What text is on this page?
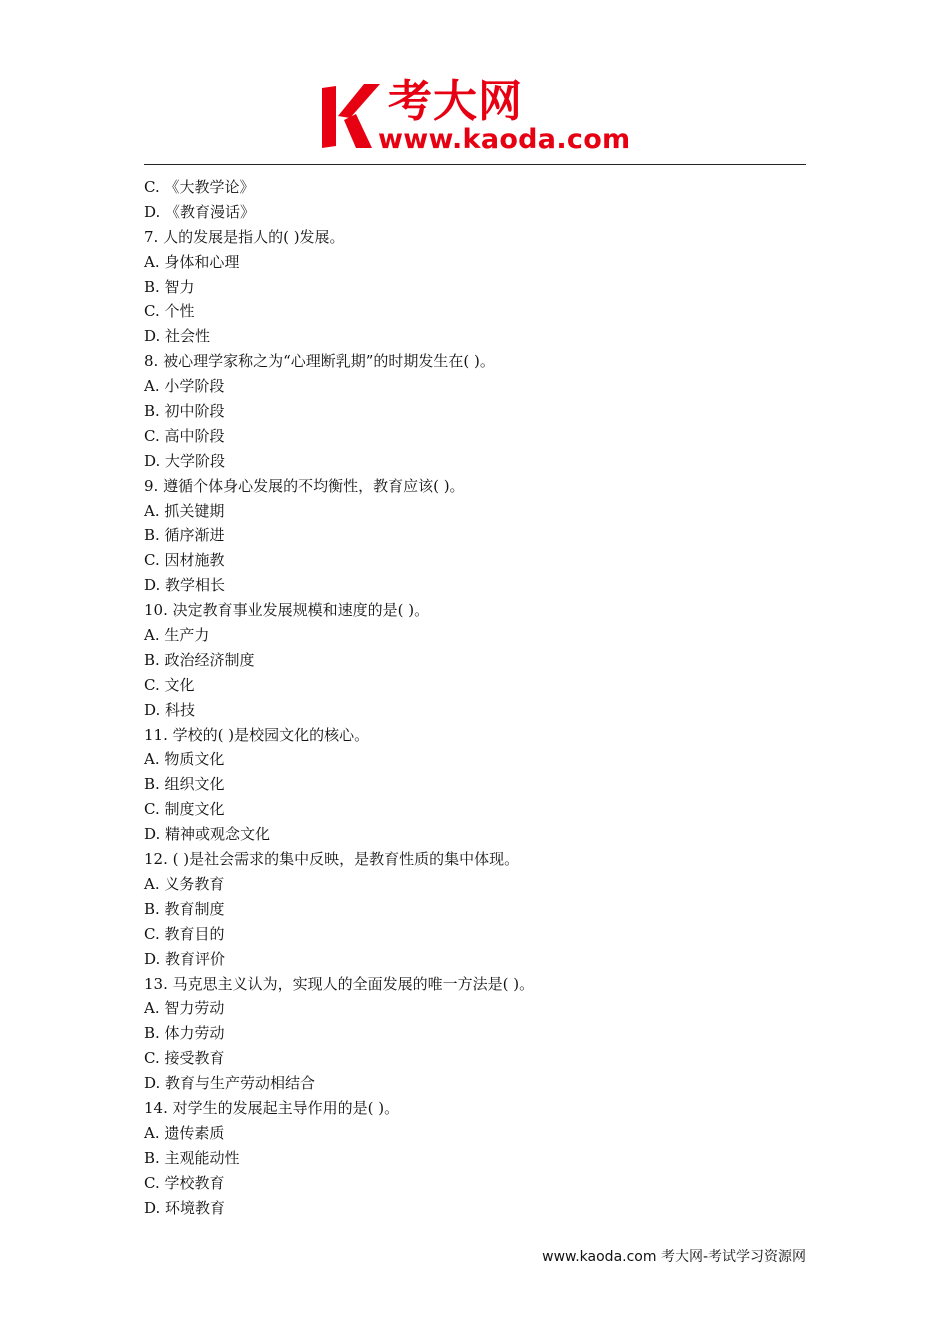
考大网
www.kaoda.com
C. 《大教学论》
D. 《教育漫话》
7. 人的发展是指人的( )发展。
A. 身体和心理
B. 智力
C. 个性
D. 社会性
8. 被心理学家称之为“心理断乳期”的时期发生在( )。
A. 小学阶段
B. 初中阶段
C. 高中阶段
D. 大学阶段
9. 遵循个体身心发展的不均衡性，教育应该( )。
A. 抓关键期
B. 循序渐进
C. 因材施教
D. 教学相长
10. 决定教育事业发展规模和速度的是( )。
A. 生产力
B. 政治经济制度
C. 文化
D. 科技
11. 学校的( )是校园文化的核心。
A. 物质文化
B. 组织文化
C. 制度文化
D. 精神或观念文化
12. ( )是社会需求的集中反映，是教育性质的集中体现。
A. 义务教育
B. 教育制度
C. 教育目的
D. 教育评价
13. 马克思主义认为，实现人的全面发展的唯一方法是( )。
A. 智力劳动
B. 体力劳动
C. 接受教育
D. 教育与生产劳动相结合
14. 对学生的发展起主导作用的是( )。
A. 遗传素质
B. 主观能动性
C. 学校教育
D. 环境教育
www.kaoda.com 考大网-考试学习资源网
